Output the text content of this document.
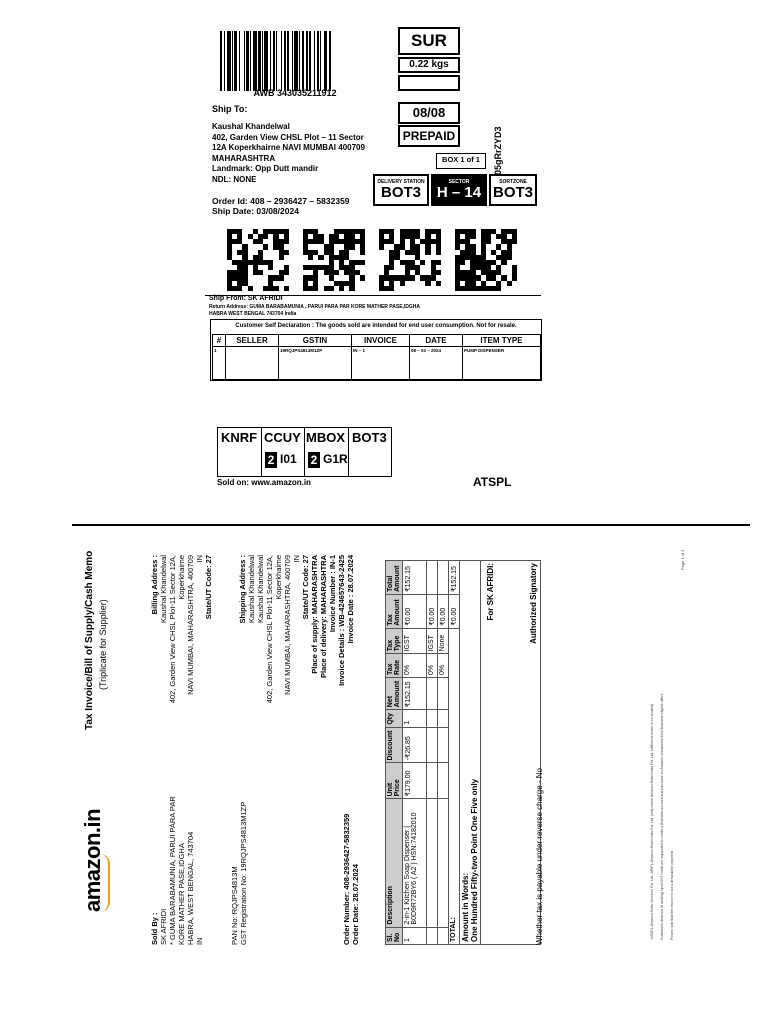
AWB 343035211912
Ship To:
Kaushal Khandelwal
402, Garden View CHSL Plot – 11 Sector
12A Koperkhairne NAVI MUMBAI 400709
MAHARASHTRA
Landmark: Opp Dutt mandir
NDL: NONE
Order Id: 408 – 2936427 – 5832359
Ship Date: 03/08/2024
SUR
0.22 kgs
08/08
PREPAID
BOX 1 of 1	05gRrZYD3
DELIVERY STATION
BOT3
SECTOR
H – 14
SORTZONE
BOT3
Ship From: SK AFRIDI
Return Address: GUMA BARABAMUNIA , PARUI PARA PAR KORE MATHER PASE,IDGHA
HABRA WEST BENGAL 743704 India
Customer Self Declaration : The goods sold are intended for end user consumption. Not for resale.
#	SELLER	GSTIN	INVOICE	DATE	ITEM TYPE
1		19RQJPS4813M1ZP	IN – 1	08 – 03 – 2024	PUMP DISPENSER
KNRF CCUY MBOX BOT3
2 I01 2 G1R
Sold on: www.amazon.in	ATSPL
amazon.in
Tax Invoice/Bill of Supply/Cash Memo (Triplicate for Supplier)
Sold By : SK AFRIDI * GUMA BARABAMUNIA, PARUI PARA PAR KORE MATHER PASE,IDGHA HABRA, WEST BENGAL, 743704 IN	PAN No: RQJPS4813M GST Registration No: 19RQJPS4813M1ZP	Order Number: 408-2936427-5832359 Order Date: 28.07.2024
Billing Address : Kaushal Khandelwal 402, Garden View CHSL Plot-11 Sector 12A, Koperkhairne NAVI MUMBAI, MAHARASHTRA, 400709 IN State/UT Code: 27	Shipping Address : Kaushal Khandelwal Kaushal Khandelwal 402, Garden View CHSL Plot-11 Sector 12A, Koperkhairne NAVI MUMBAI, MAHARASHTRA, 400709 IN State/UT Code: 27 Place of supply: MAHARASHTRA Place of delivery: MAHARASHTRA Invoice Number : IN-1 Invoice Details : WB-424657643-2425 Invoice Date : 28.07.2024
Sl. No	Description	Unit Price	Discount	Qty	Net Amount	Tax Rate	Tax Type	Tax Amount	Total Amount
1	2-in-1 Kitchen Soap Dispenser | B0D9R72BY6 ( A2 ) HSN:74182010	₹179.00	-₹26.85	1	₹152.15	0%	IGST	₹0.00	₹152.15
						0%	IGST	₹0.00	
						0%	None	₹0.00	
TOTAL:								₹0.00	₹152.15

Amount in Words: One Hundred Fifty-two Point One Five only									

For SK AFRIDI: Authorized Signatory									
Whether tax is payable under reverse charge - No	*ASSPL-Amazon Seller Services Pvt. Ltd., ARIPL-Amazon Retail India Pvt. Ltd. (only where Amazon Retail India Pvt. Ltd. fulfillment center is co-located) Customers desirous of availing input GST credit are requested to create a Business account and purchase on Amazon.in/business from Business eligible offers Please note that this invoice is not a demand for payment
Page 1 of 1
